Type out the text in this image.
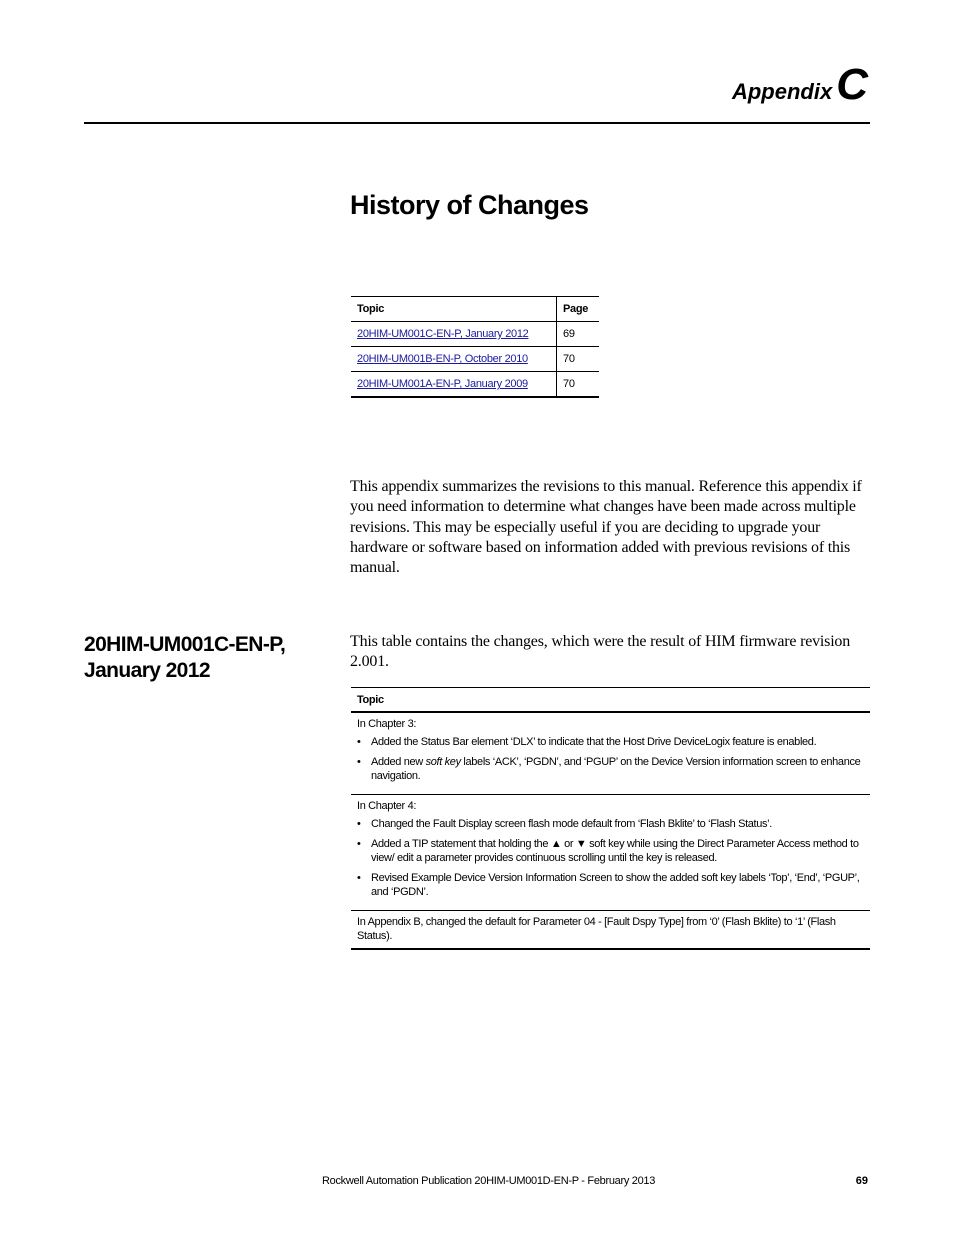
AppendixC
History of Changes
Topic	Page
20HIM-UM001C-EN-P, January 2012	69
20HIM-UM001B-EN-P, October 2010	70
20HIM-UM001A-EN-P, January 2009	70

This appendix summarizes the revisions to this manual. Reference this appendix if you need information to determine what changes have been made across multiple revisions. This may be especially useful if you are deciding to upgrade your hardware or software based on information added with previous revisions of this manual.

20HIM-UM001C-EN-P,
January 2012

This table contains the changes, which were the result of HIM firmware revision 2.001.

Topic

In Chapter 3:
• Added the Status Bar element ‘DLX’ to indicate that the Host Drive DeviceLogix feature is enabled.
• Added new soft key labels ‘ACK’, ‘PGDN’, and ‘PGUP’ on the Device Version information screen to enhance navigation.

In Chapter 4:
• Changed the Fault Display screen flash mode default from ‘Flash Bklite’ to ‘Flash Status’.
• Added a TIP statement that holding the ▲ or ▼ soft key while using the Direct Parameter Access method to view/ edit a parameter provides continuous scrolling until the key is released.
• Revised Example Device Version Information Screen to show the added soft key labels ‘Top’, ‘End’, ‘PGUP’, and ‘PGDN’.

In Appendix B, changed the default for Parameter 04 - [Fault Dspy Type] from ‘0’ (Flash Bklite) to ‘1’ (Flash Status).
Rockwell Automation Publication 20HIM-UM001D-EN-P - February 2013	69
